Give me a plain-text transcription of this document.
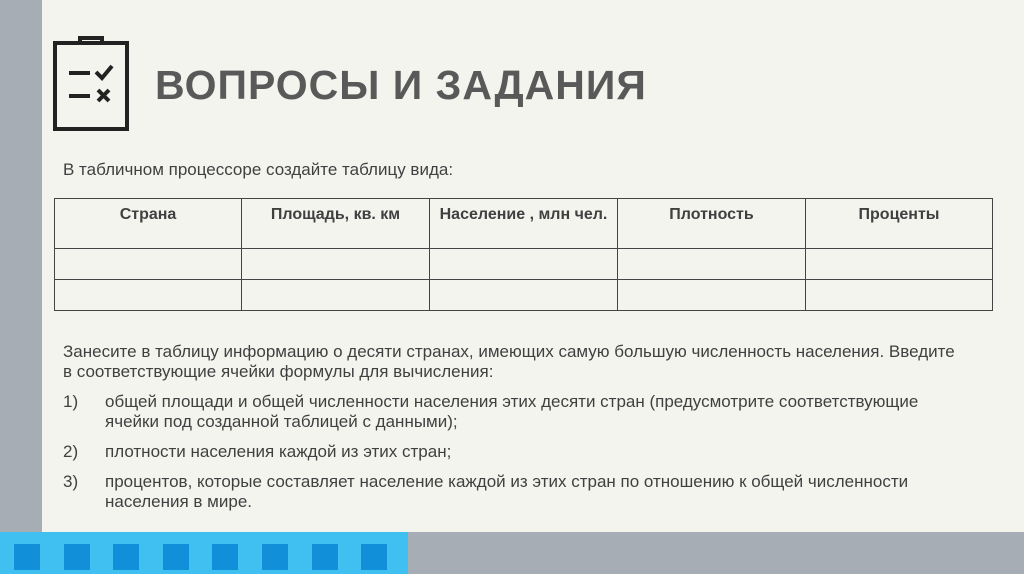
ВОПРОСЫ И ЗАДАНИЯ

В табличном процессоре создайте таблицу вида:

Страна	Площадь, кв. км	Население , млн чел.	Плотность	Проценты

Занесите в таблицу информацию о десяти странах, имеющих самую большую численность населения. Введите в соответствующие ячейки формулы для вычисления:

1)	общей площади и общей численности населения этих десяти стран (предусмотрите соответствующие ячейки под созданной таблицей с данными);
2)	плотности населения каждой из этих стран;
3)	процентов, которые составляет население каждой из этих стран по отношению к общей численности населения в мире.
